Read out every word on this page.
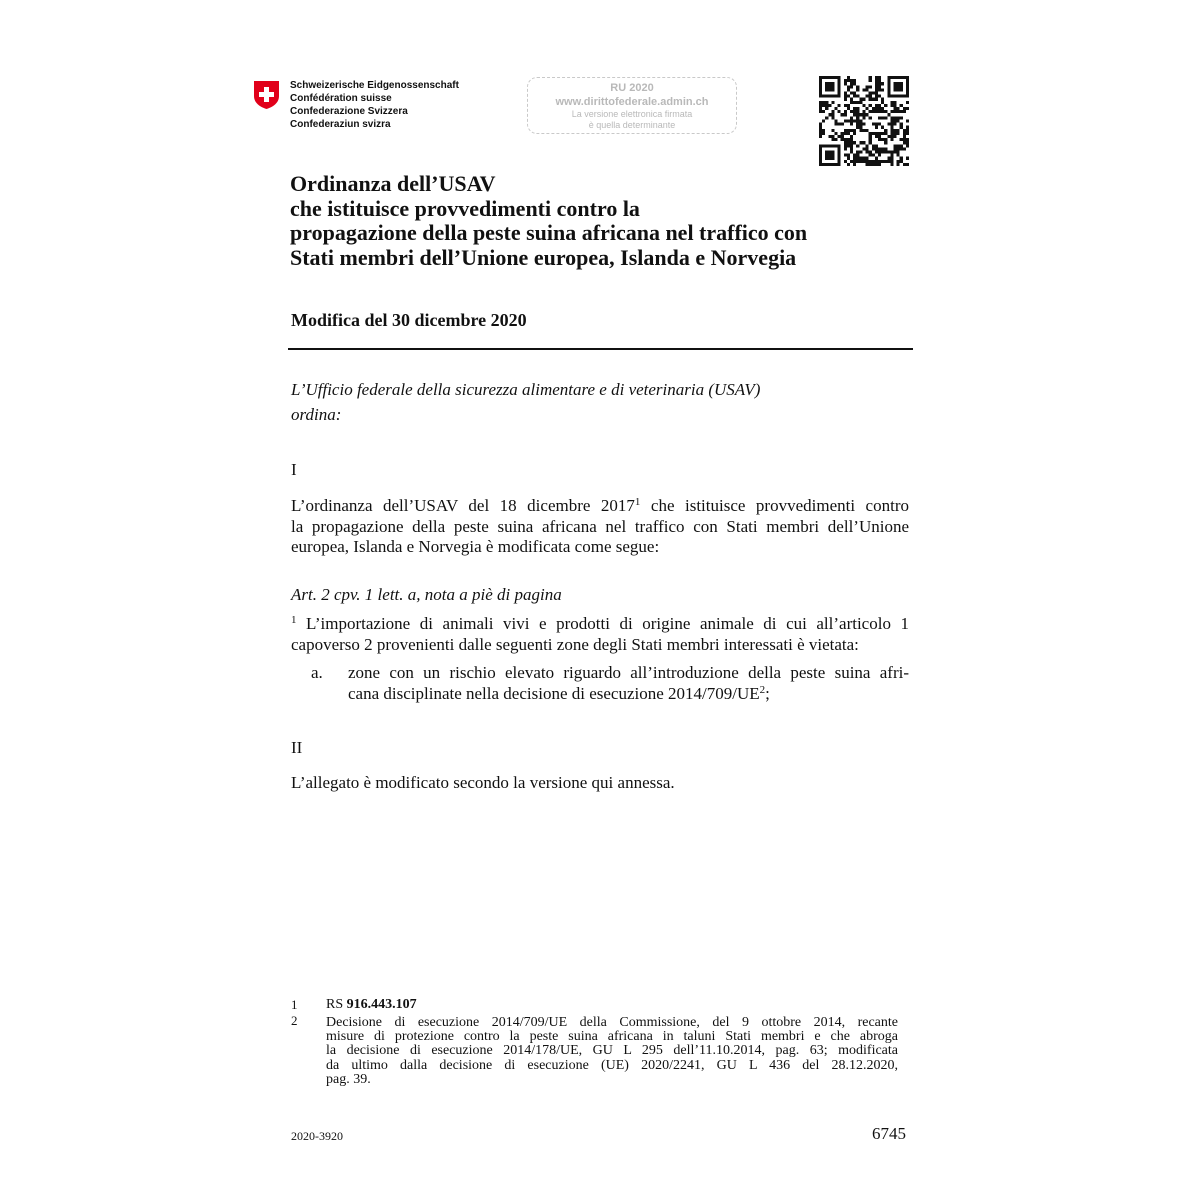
Schweizerische Eidgenossenschaft
Confédération suisse
Confederazione Svizzera
Confederaziun svizra
RU 2020
www.dirittofederale.admin.ch
La versione elettronica firmata
è quella determinante
Ordinanza dell’USAV
che istituisce provvedimenti contro la
propagazione della peste suina africana nel traffico con
Stati membri dell’Unione europea, Islanda e Norvegia
Modifica del 30 dicembre 2020
L’Ufficio federale della sicurezza alimentare e di veterinaria (USAV)
ordina:
I
L’ordinanza dell’USAV del 18 dicembre 2017$^1$ che istituisce provvedimenti contro
la propagazione della peste suina africana nel traffico con Stati membri dell’Unione
europea, Islanda e Norvegia è modificata come segue:
Art. 2 cpv. 1 lett. a, nota a piè di pagina
$^1$ L’importazione di animali vivi e prodotti di origine animale di cui all’articolo 1
capoverso 2 provenienti dalle seguenti zone degli Stati membri interessati è vietata:
a. zone con un rischio elevato riguardo all’introduzione della peste suina afri-
cana disciplinate nella decisione di esecuzione 2014/709/UE$^2$;
II
L’allegato è modificato secondo la versione qui annessa.
1 RS 916.443.107
2 Decisione di esecuzione 2014/709/UE della Commissione, del 9 ottobre 2014, recante
misure di protezione contro la peste suina africana in taluni Stati membri e che abroga
la decisione di esecuzione 2014/178/UE, GU L 295 dell’11.10.2014, pag. 63; modificata
da ultimo dalla decisione di esecuzione (UE) 2020/2241, GU L 436 del 28.12.2020,
pag. 39.
2020-3920	6745
